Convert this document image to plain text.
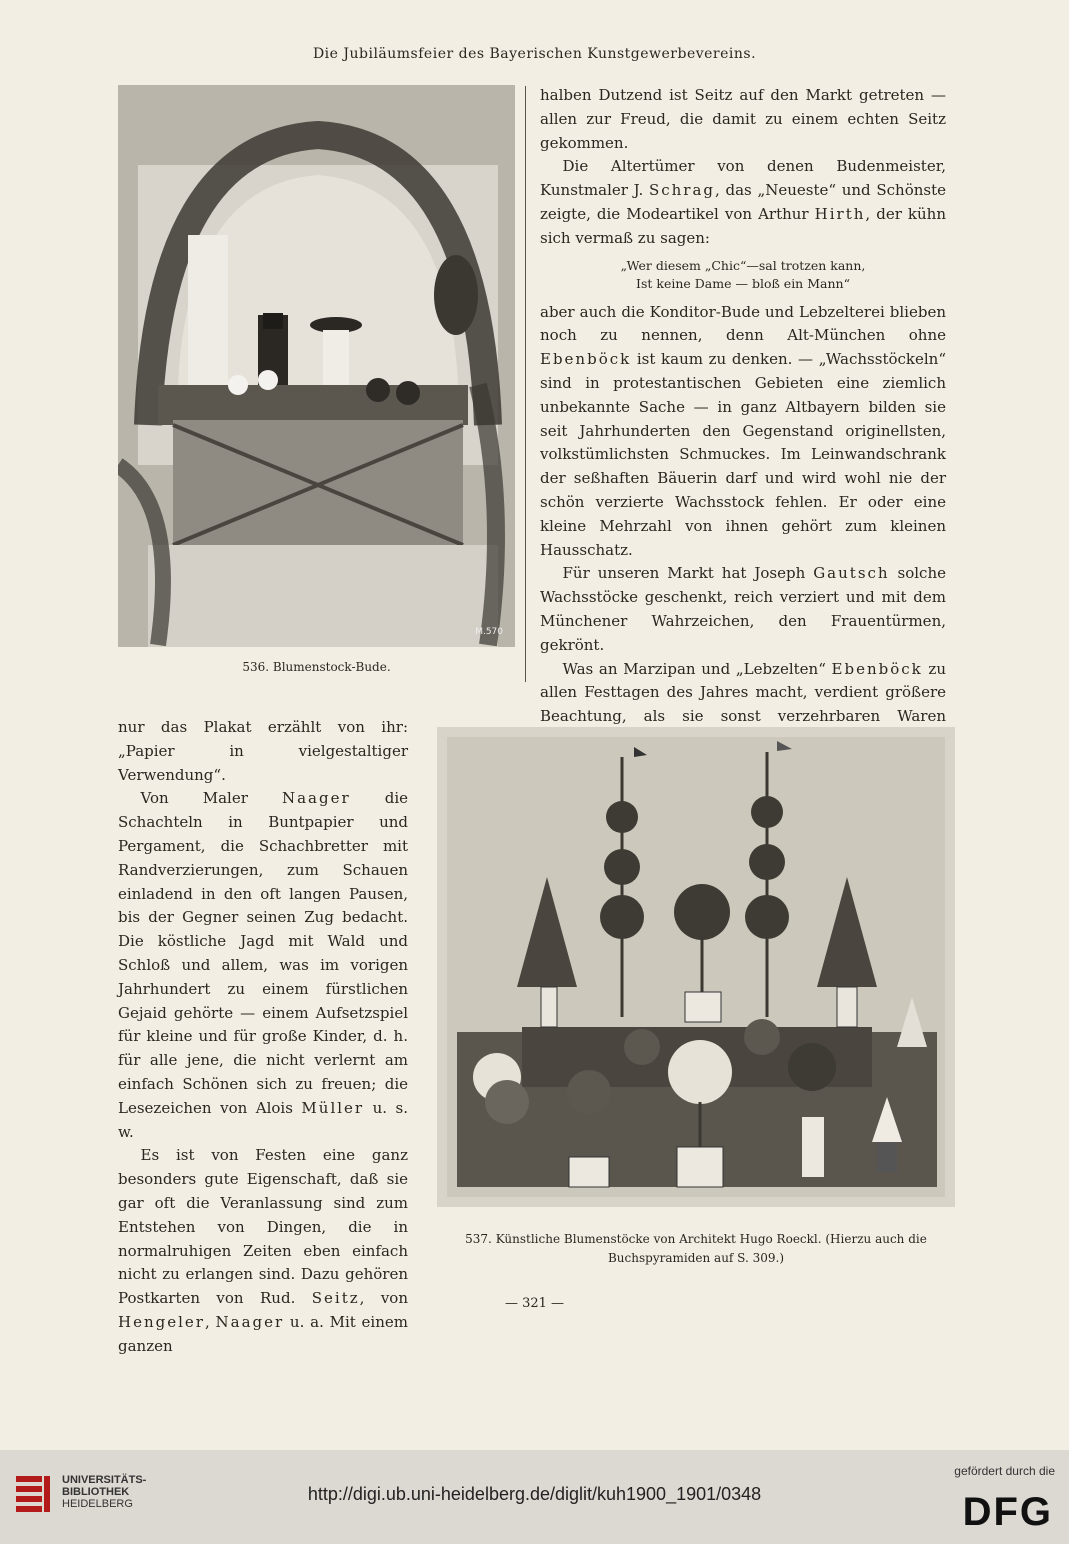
Die Jubiläumsfeier des Bayerischen Kunstgewerbevereins.
M.570
536. Blumenstock-Bude.

halben Dutzend ist Seitz auf den Markt getreten — allen zur Freud, die damit zu einem echten Seitz gekommen.

Die Altertümer von denen Budenmeister, Kunstmaler J. Schrag, das „Neueste“ und Schönste zeigte, die Modeartikel von Arthur Hirth, der kühn sich vermaß zu sagen:

„Wer diesem „Chic“—sal trotzen kann,
Ist keine Dame — bloß ein Mann“

aber auch die Konditor-Bude und Lebzelterei blieben noch zu nennen, denn Alt-München ohne Ebenböck ist kaum zu denken. — „Wachsstöckeln“ sind in protestantischen Gebieten eine ziemlich unbekannte Sache — in ganz Altbayern bilden sie seit Jahrhunderten den Gegenstand originellsten, volkstümlichsten Schmuckes. Im Leinwandschrank der seßhaften Bäuerin darf und wird wohl nie der schön verzierte Wachsstock fehlen. Er oder eine kleine Mehrzahl von ihnen gehört zum kleinen Hausschatz.

Für unseren Markt hat Joseph Gautsch solche Wachsstöcke geschenkt, reich verziert und mit dem Münchener Wahrzeichen, den Frauentürmen, gekrönt.

Was an Marzipan und „Lebzelten“ Ebenböck zu allen Festtagen des Jahres macht, verdient größere Beachtung, als sie sonst verzehrbaren Waren

nur das Plakat erzählt von ihr: „Papier in vielgestaltiger Verwendung“.

Von Maler Naager die Schachteln in Buntpapier und Pergament, die Schachbretter mit Randverzierungen, zum Schauen einladend in den oft langen Pausen, bis der Gegner seinen Zug bedacht. Die köstliche Jagd mit Wald und Schloß und allem, was im vorigen Jahrhundert zu einem fürstlichen Gejaid gehörte — einem Aufsetzspiel für kleine und für große Kinder, d. h. für alle jene, die nicht verlernt am einfach Schönen sich zu freuen; die Lesezeichen von Alois Müller u. s. w.

Es ist von Festen eine ganz besonders gute Eigenschaft, daß sie gar oft die Veranlassung sind zum Entstehen von Dingen, die in normalruhigen Zeiten eben einfach nicht zu erlangen sind. Dazu gehören Postkarten von Rud. Seitz, von Hengeler, Naager u. a. Mit einem ganzen

537. Künstliche Blumenstöcke von Architekt Hugo Roeckl. (Hierzu auch die
Buchspyramiden auf S. 309.)
— 321 —
UNIVERSITÄTS-
BIBLIOTHEK
HEIDELBERG	http://digi.ub.uni-heidelberg.de/diglit/kuh1900_1901/0348
gefördert durch die
DFG
